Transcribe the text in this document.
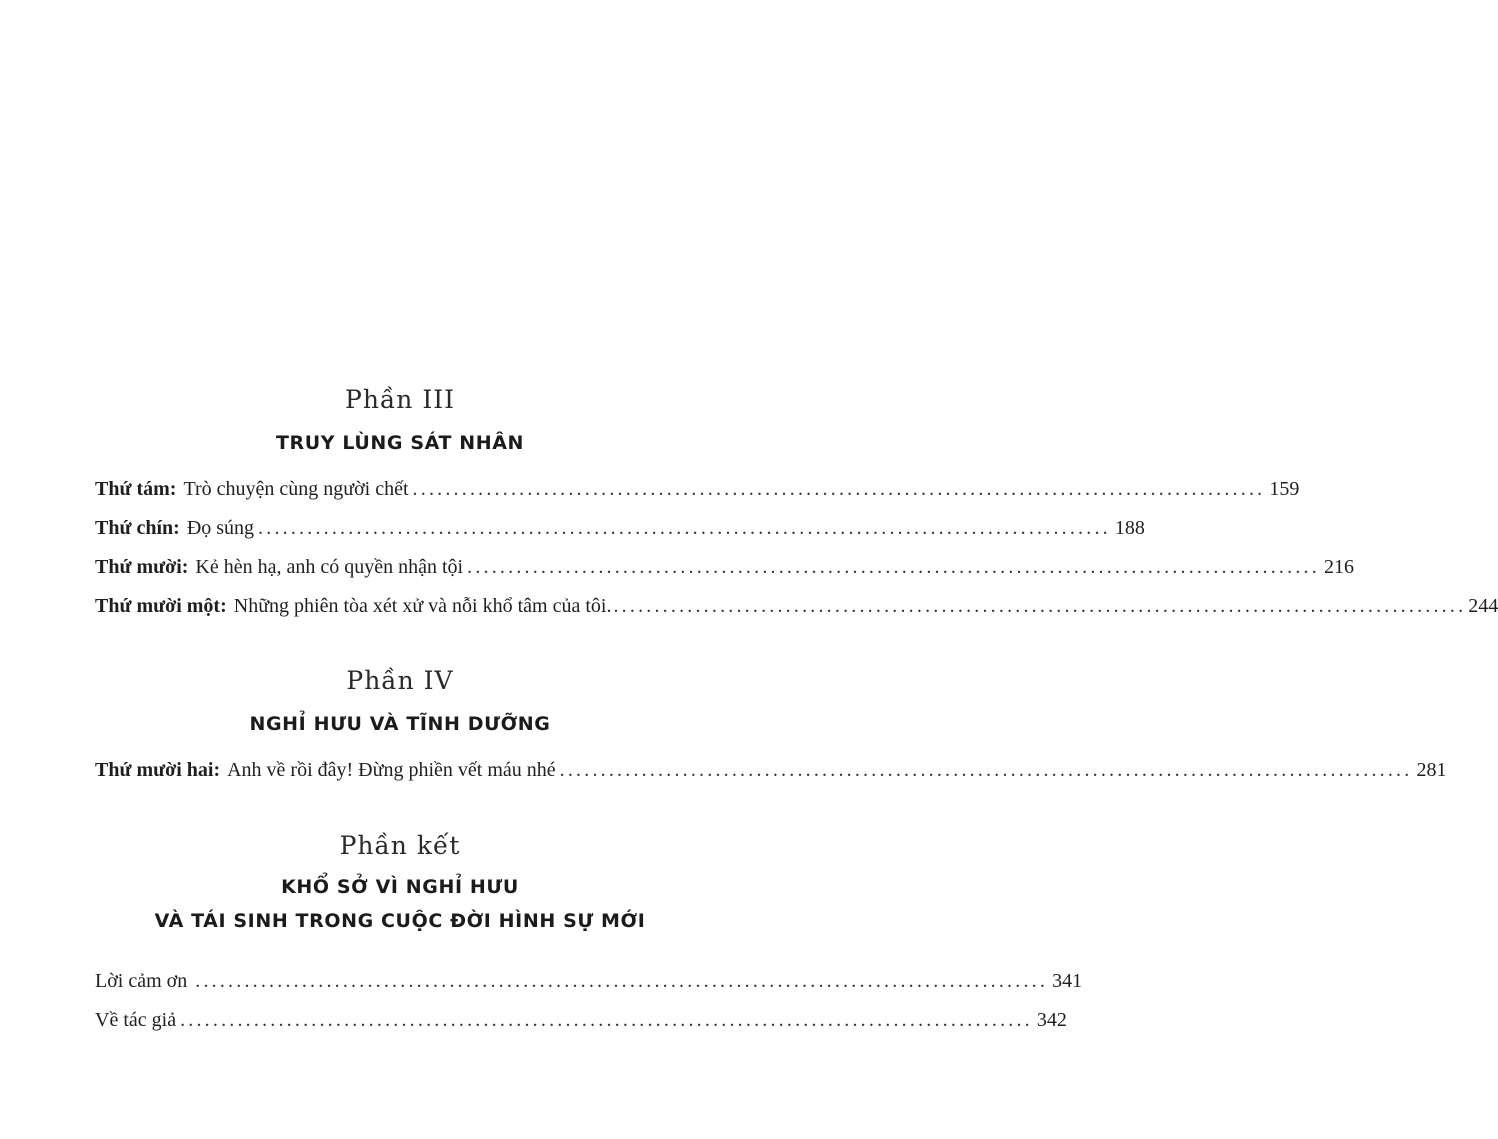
Phần III
TRUY LÙNG SÁT NHÂN
Thứ tám: Trò chuyện cùng người chết ........................................................................................................ 159
Thứ chín: Đọ súng ........................................................................................................ 188
Thứ mười: Kẻ hèn hạ, anh có quyền nhận tội ........................................................................................................ 216
Thứ mười một: Những phiên tòa xét xử và nỗi khổ tâm của tôi. ........................................................................................................ 244
Phần IV
NGHỈ HƯU VÀ TĨNH DƯỠNG
Thứ mười hai: Anh về rồi đây! Đừng phiền vết máu nhé ........................................................................................................ 281
Phần kết
KHỔ SỞ VÌ NGHỈ HƯU
VÀ TÁI SINH TRONG CUỘC ĐỜI HÌNH SỰ MỚI
Lời cảm ơn ........................................................................................................ 341
Về tác giả ........................................................................................................ 342
